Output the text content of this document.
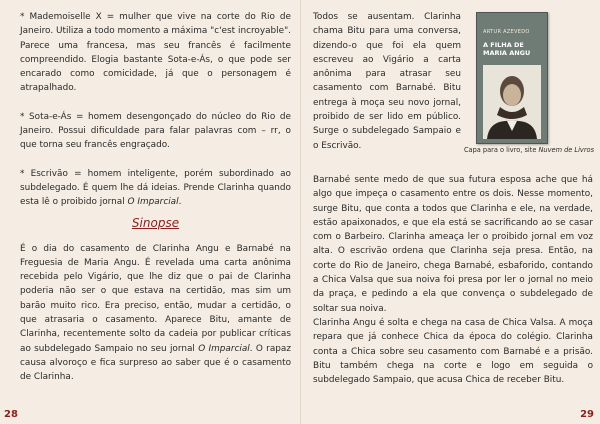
* Mademoiselle X = mulher que vive na corte do Rio de Janeiro. Utiliza a todo momento a máxima "c'est incroyable". Parece uma francesa, mas seu francês é facilmente compreendido. Elogia bastante Sota-e-Ás, o que pode ser encarado como comicidade, já que o personagem é atrapalhado.

* Sota-e-Ás = homem desengonçado do núcleo do Rio de Janeiro. Possui dificuldade para falar palavras com – rr, o que torna seu francês engraçado.

* Escrivão = homem inteligente, porém subordinado ao subdelegado. É quem lhe dá ideias. Prende Clarinha quando esta lê o proibido jornal O Imparcial.

Sinopse

É o dia do casamento de Clarinha Angu e Barnabé na Freguesia de Maria Angu. É revelada uma carta anônima recebida pelo Vigário, que lhe diz que o pai de Clarinha poderia não ser o que estava na certidão, mas sim um barão muito rico. Era preciso, então, mudar a certidão, o que atrasaria o casamento. Aparece Bitu, amante de Clarinha, recentemente solto da cadeia por publicar críticas ao subdelegado Sampaio no seu jornal O Imparcial. O rapaz causa alvoroço e fica surpreso ao saber que é o casamento de Clarinha.

28

Todos se ausentam. Clarinha chama Bitu para uma conversa, dizendo-o que foi ela quem escreveu ao Vigário a carta anônima para atrasar seu casamento com Barnabé. Bitu entrega à moça seu novo jornal, proibido de ser lido em público. Surge o subdelegado Sampaio e o Escrivão.

ARTUR AZEVEDO
A FILHA DE MARIA ANGU
Capa para o livro, site Nuvem de Livros

Barnabé sente medo de que sua futura esposa ache que há algo que impeça o casamento entre os dois. Nesse momento, surge Bitu, que conta a todos que Clarinha e ele, na verdade, estão apaixonados, e que ela está se sacrificando ao se casar com o Barbeiro. Clarinha ameaça ler o proibido jornal em voz alta. O escrivão ordena que Clarinha seja presa. Então, na corte do Rio de Janeiro, chega Barnabé, esbaforido, contando a Chica Valsa que sua noiva foi presa por ler o jornal no meio da praça, e pedindo a ela que convença o subdelegado de soltar sua noiva.

Clarinha Angu é solta e chega na casa de Chica Valsa. A moça repara que já conhece Chica da época do colégio. Clarinha conta a Chica sobre seu casamento com Barnabé e a prisão. Bitu também chega na corte e logo em seguida o subdelegado Sampaio, que acusa Chica de receber Bitu.

29
